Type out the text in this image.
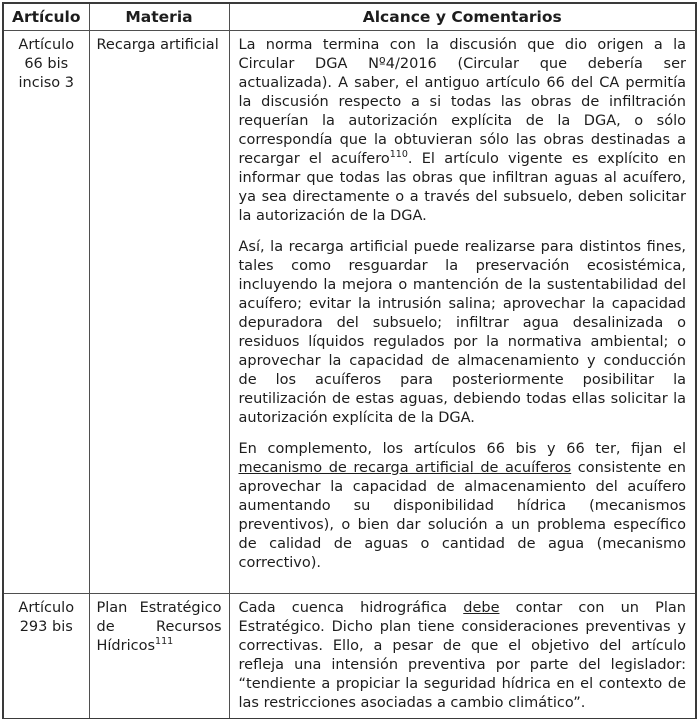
Artículo	Materia	Alcance y Comentarios
Artículo 66 bis inciso 3	Recarga artificial	La norma termina con la discusión que dio origen a la Circular DGA Nº4/2016 (Circular que debería ser actualizada). A saber, el antiguo artículo 66 del CA permitía la discusión respecto a si todas las obras de infiltración requerían la autorización explícita de la DGA, o sólo correspondía que la obtuvieran sólo las obras destinadas a recargar el acuífero$^{110}$. El artículo vigente es explícito en informar que todas las obras que infiltran aguas al acuífero, ya sea directamente o a través del subsuelo, deben solicitar la autorización de la DGA.

Así, la recarga artificial puede realizarse para distintos fines, tales como resguardar la preservación ecosistémica, incluyendo la mejora o mantención de la sustentabilidad del acuífero; evitar la intrusión salina; aprovechar la capacidad depuradora del subsuelo; infiltrar agua desalinizada o residuos líquidos regulados por la normativa ambiental; o aprovechar la capacidad de almacenamiento y conducción de los acuíferos para posteriormente posibilitar la reutilización de estas aguas, debiendo todas ellas solicitar la autorización explícita de la DGA.

En complemento, los artículos 66 bis y 66 ter, fijan el mecanismo de recarga artificial de acuíferos consistente en aprovechar la capacidad de almacenamiento del acuífero aumentando su disponibilidad hídrica (mecanismos preventivos), o bien dar solución a un problema específico de calidad de aguas o cantidad de agua (mecanismo correctivo).

Artículo 293 bis	Plan Estratégico de Recursos Hídricos$^{111}$	Cada cuenca hidrográfica debe contar con un Plan Estratégico. Dicho plan tiene consideraciones preventivas y correctivas. Ello, a pesar de que el objetivo del artículo refleja una intensión preventiva por parte del legislador: “tendiente a propiciar la seguridad hídrica en el contexto de las restricciones asociadas a cambio climático”.
